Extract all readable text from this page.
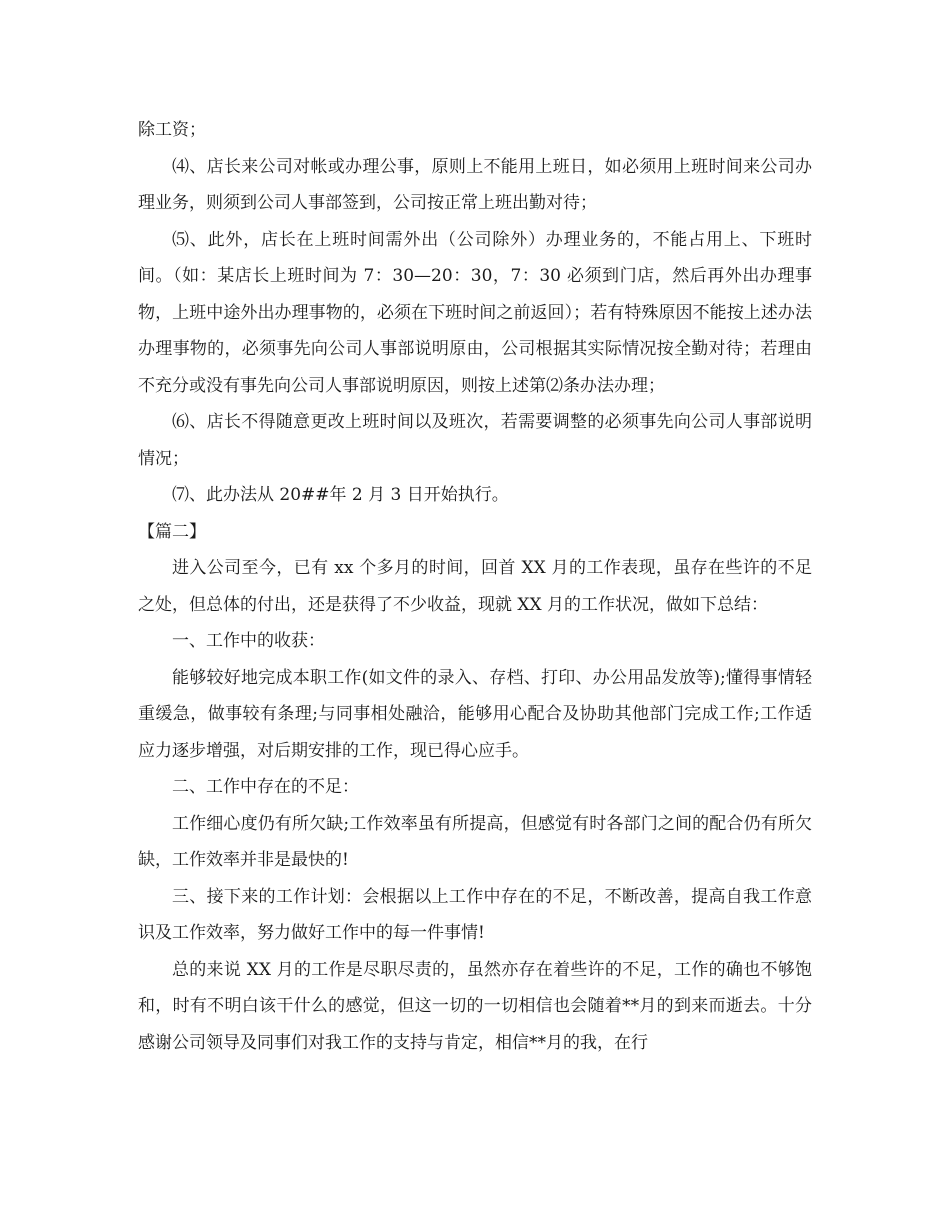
除工资；

⑷、店长来公司对帐或办理公事，原则上不能用上班日，如必须用上班时间来公司办理业务，则须到公司人事部签到，公司按正常上班出勤对待；

⑸、此外，店长在上班时间需外出（公司除外）办理业务的，不能占用上、下班时间。（如：某店长上班时间为 7：30—20：30，7：30 必须到门店，然后再外出办理事物，上班中途外出办理事物的，必须在下班时间之前返回）；若有特殊原因不能按上述办法办理事物的，必须事先向公司人事部说明原由，公司根据其实际情况按全勤对待；若理由不充分或没有事先向公司人事部说明原因，则按上述第⑵条办法办理；

⑹、店长不得随意更改上班时间以及班次，若需要调整的必须事先向公司人事部说明情况；

⑺、此办法从 20##年 2 月 3 日开始执行。

【篇二】

进入公司至今，已有 xx 个多月的时间，回首 XX 月的工作表现，虽存在些许的不足之处，但总体的付出，还是获得了不少收益，现就 XX 月的工作状况，做如下总结：

一、工作中的收获：

能够较好地完成本职工作(如文件的录入、存档、打印、办公用品发放等);懂得事情轻重缓急，做事较有条理;与同事相处融洽，能够用心配合及协助其他部门完成工作;工作适应力逐步增强，对后期安排的工作，现已得心应手。

二、工作中存在的不足：

工作细心度仍有所欠缺;工作效率虽有所提高，但感觉有时各部门之间的配合仍有所欠缺，工作效率并非是最快的!

三、接下来的工作计划：会根据以上工作中存在的不足，不断改善，提高自我工作意识及工作效率，努力做好工作中的每一件事情!

总的来说 XX 月的工作是尽职尽责的，虽然亦存在着些许的不足，工作的确也不够饱和，时有不明白该干什么的感觉，但这一切的一切相信也会随着**月的到来而逝去。十分感谢公司领导及同事们对我工作的支持与肯定，相信**月的我，在行
